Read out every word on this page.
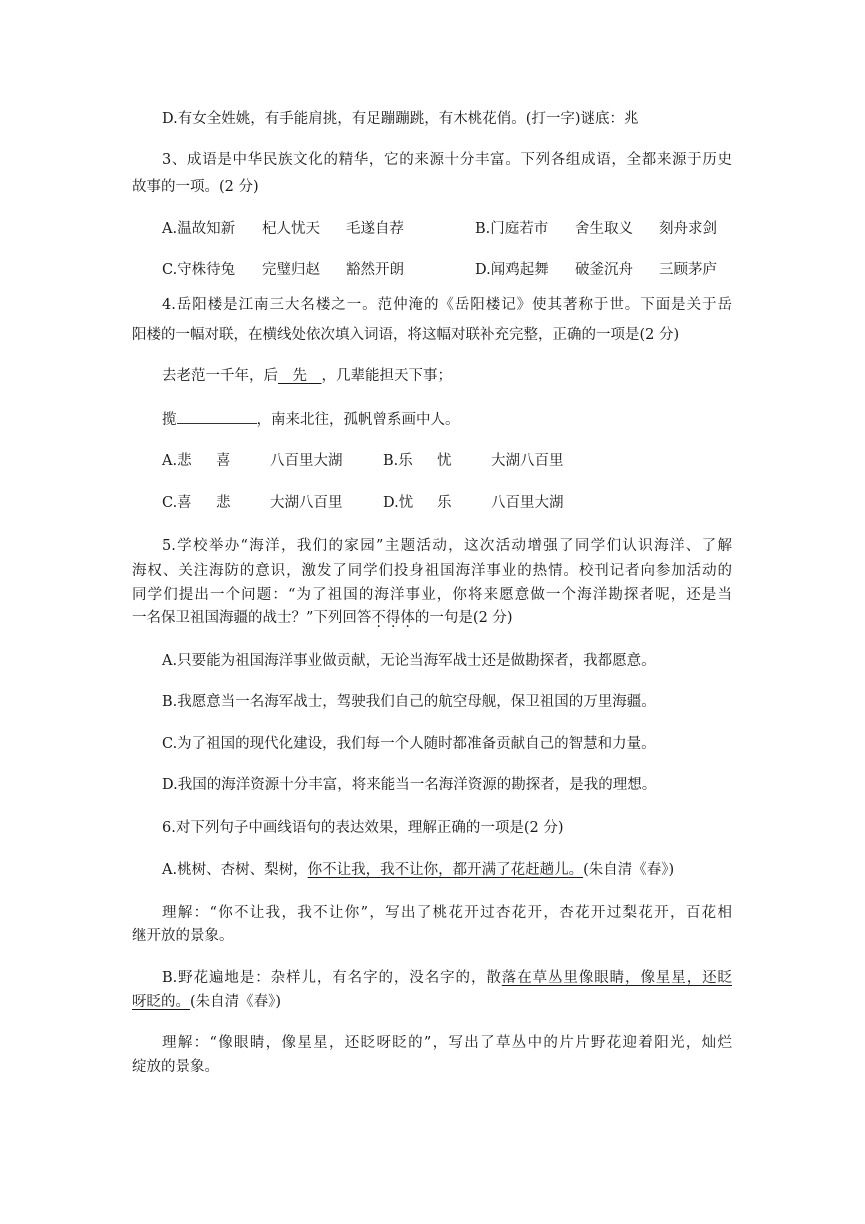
D.有女全姓姚，有手能肩挑，有足蹦蹦跳，有木桃花俏。(打一字)谜底：兆
3、成语是中华民族文化的精华，它的来源十分丰富。下列各组成语，全都来源于历史
故事的一项。(2 分)
A.温故知新 杞人忧天 毛遂自荐	B.门庭若市 舍生取义 刻舟求剑
C.守株待兔 完璧归赵 豁然开朗	D.闻鸡起舞 破釜沉舟 三顾茅庐
4.岳阳楼是江南三大名楼之一。范仲淹的《岳阳楼记》使其著称于世。下面是关于岳
阳楼的一幅对联，在横线处依次填入词语，将这幅对联补充完整，正确的一项是(2 分)
去老范一千年，后   先   ，几辈能担天下事；
揽	，南来北往，孤帆曾系画中人。
A.悲 喜	八百里大湖	B.乐 忧	大湖八百里
C.喜 悲	大湖八百里	D.忧 乐	八百里大湖
5.学校举办“海洋，我们的家园”主题活动，这次活动增强了同学们认识海洋、了解
海权、关注海防的意识，激发了同学们投身祖国海洋事业的热情。校刊记者向参加活动的
同学们提出一个问题：“为了祖国的海洋事业，你将来愿意做一个海洋勘探者呢，还是当
一名保卫祖国海疆的战士？”下列回答不得体的一句是(2 分)
A.只要能为祖国海洋事业做贡献，无论当海军战士还是做勘探者，我都愿意。
B.我愿意当一名海军战士，驾驶我们自己的航空母舰，保卫祖国的万里海疆。
C.为了祖国的现代化建设，我们每一个人随时都准备贡献自己的智慧和力量。
D.我国的海洋资源十分丰富，将来能当一名海洋资源的勘探者，是我的理想。
6.对下列句子中画线语句的表达效果，理解正确的一项是(2 分)
A.桃树、杏树、梨树，你不让我，我不让你，都开满了花赶趟儿。(朱自清《春》)
理解：“你不让我，我不让你”，写出了桃花开过杏花开，杏花开过梨花开，百花相
继开放的景象。
B.野花遍地是：杂样儿，有名字的，没名字的，散落在草丛里像眼睛，像星星，还眨
呀眨的。(朱自清《春》)
理解：“像眼睛，像星星，还眨呀眨的”，写出了草丛中的片片野花迎着阳光，灿烂
绽放的景象。
